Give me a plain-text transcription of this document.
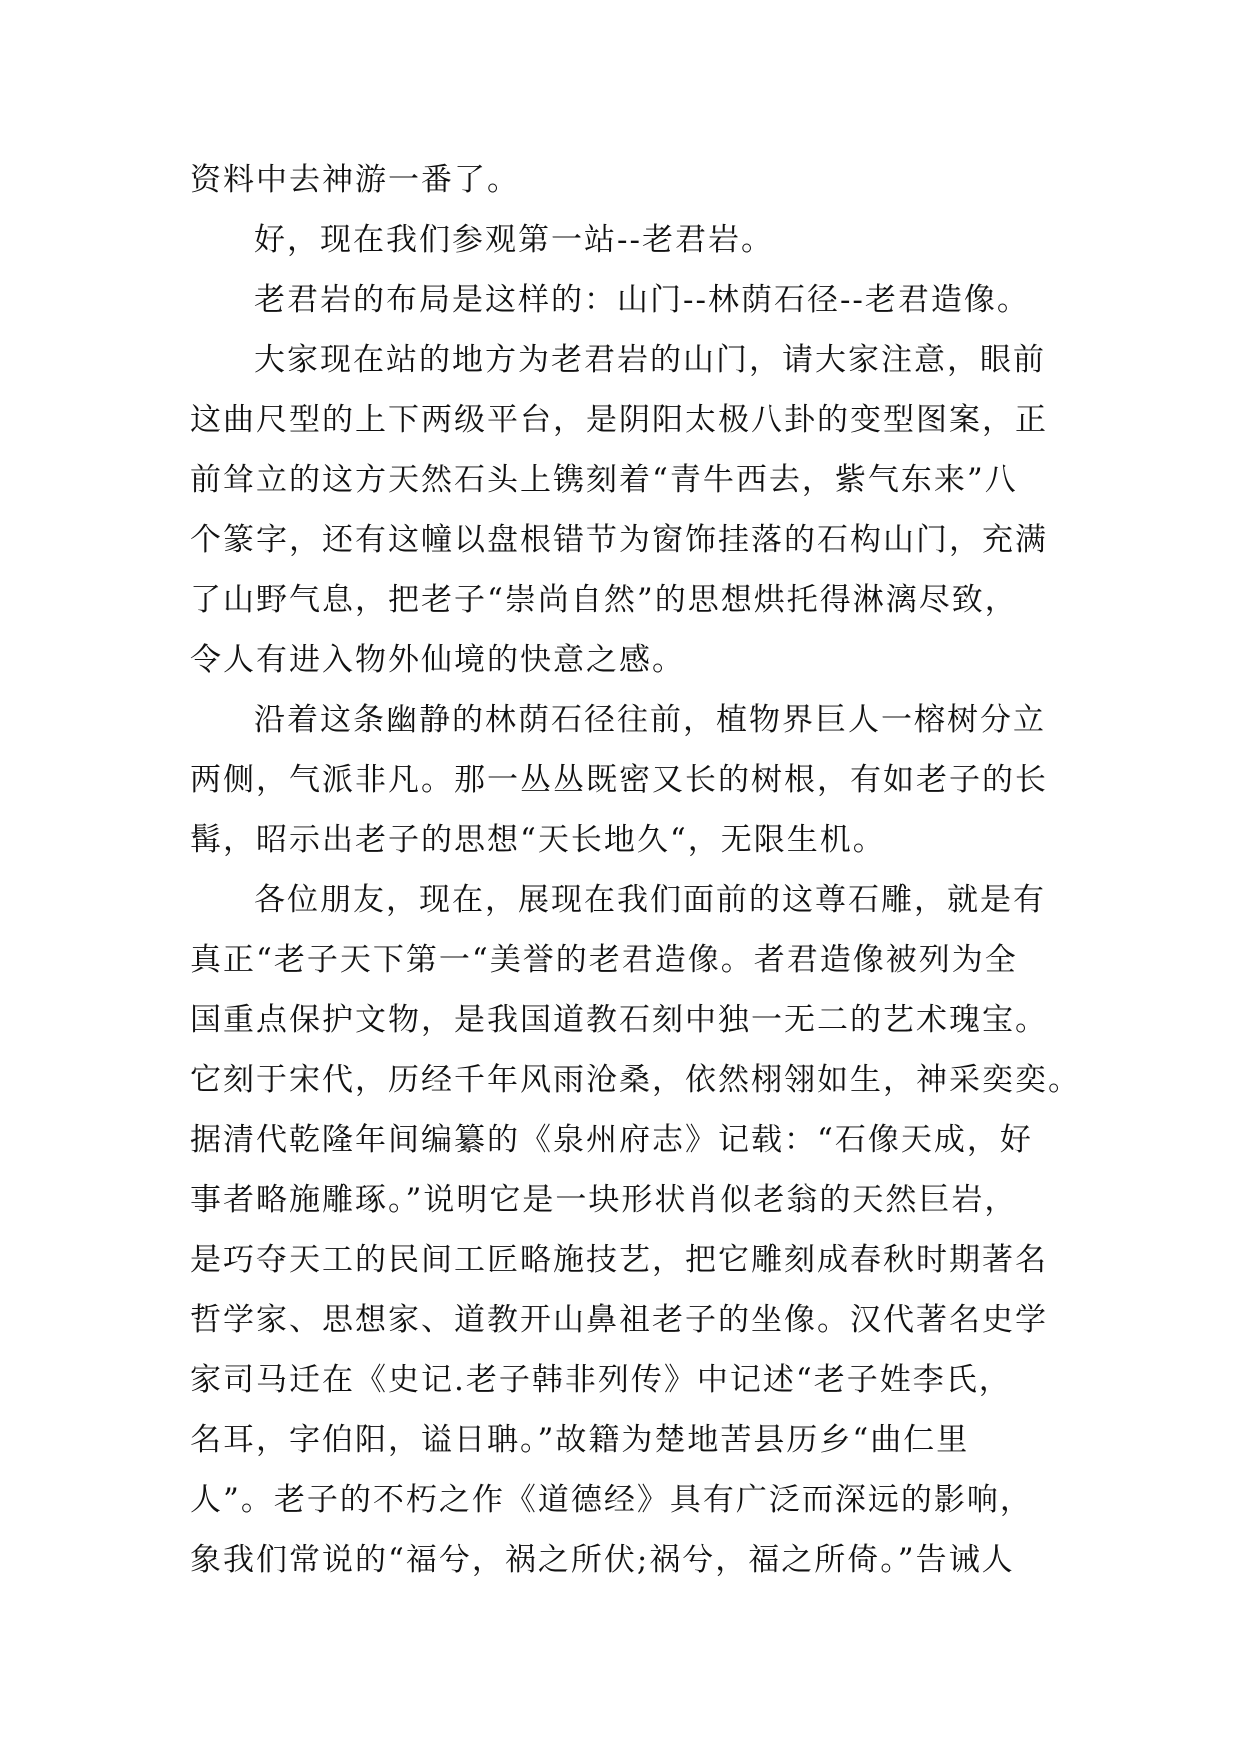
资料中去神游一番了。
好，现在我们参观第一站--老君岩。
老君岩的布局是这样的：山门--林荫石径--老君造像。
大家现在站的地方为老君岩的山门，请大家注意，眼前
这曲尺型的上下两级平台，是阴阳太极八卦的变型图案，正
前耸立的这方天然石头上镌刻着“青牛西去，紫气东来”八
个篆字，还有这幢以盘根错节为窗饰挂落的石构山门，充满
了山野气息，把老子“崇尚自然”的思想烘托得淋漓尽致，
令人有进入物外仙境的快意之感。
沿着这条幽静的林荫石径往前，植物界巨人一榕树分立
两侧，气派非凡。那一丛丛既密又长的树根，有如老子的长
髯，昭示出老子的思想“天长地久“，无限生机。
各位朋友，现在，展现在我们面前的这尊石雕，就是有
真正“老子天下第一“美誉的老君造像。者君造像被列为全
国重点保护文物，是我国道教石刻中独一无二的艺术瑰宝。
它刻于宋代，历经千年风雨沧桑，依然栩翎如生，神采奕奕。
据清代乾隆年间编纂的《泉州府志》记载：“石像天成，好
事者略施雕琢。”说明它是一块形状肖似老翁的天然巨岩，
是巧夺天工的民间工匠略施技艺，把它雕刻成春秋时期著名
哲学家、思想家、道教开山鼻祖老子的坐像。汉代著名史学
家司马迁在《史记.老子韩非列传》中记述“老子姓李氏，
名耳，字伯阳，谥日聃。”故籍为楚地苦县历乡“曲仁里
人”。老子的不朽之作《道德经》具有广泛而深远的影响，
象我们常说的“福兮，祸之所伏;祸兮，福之所倚。”告诫人
